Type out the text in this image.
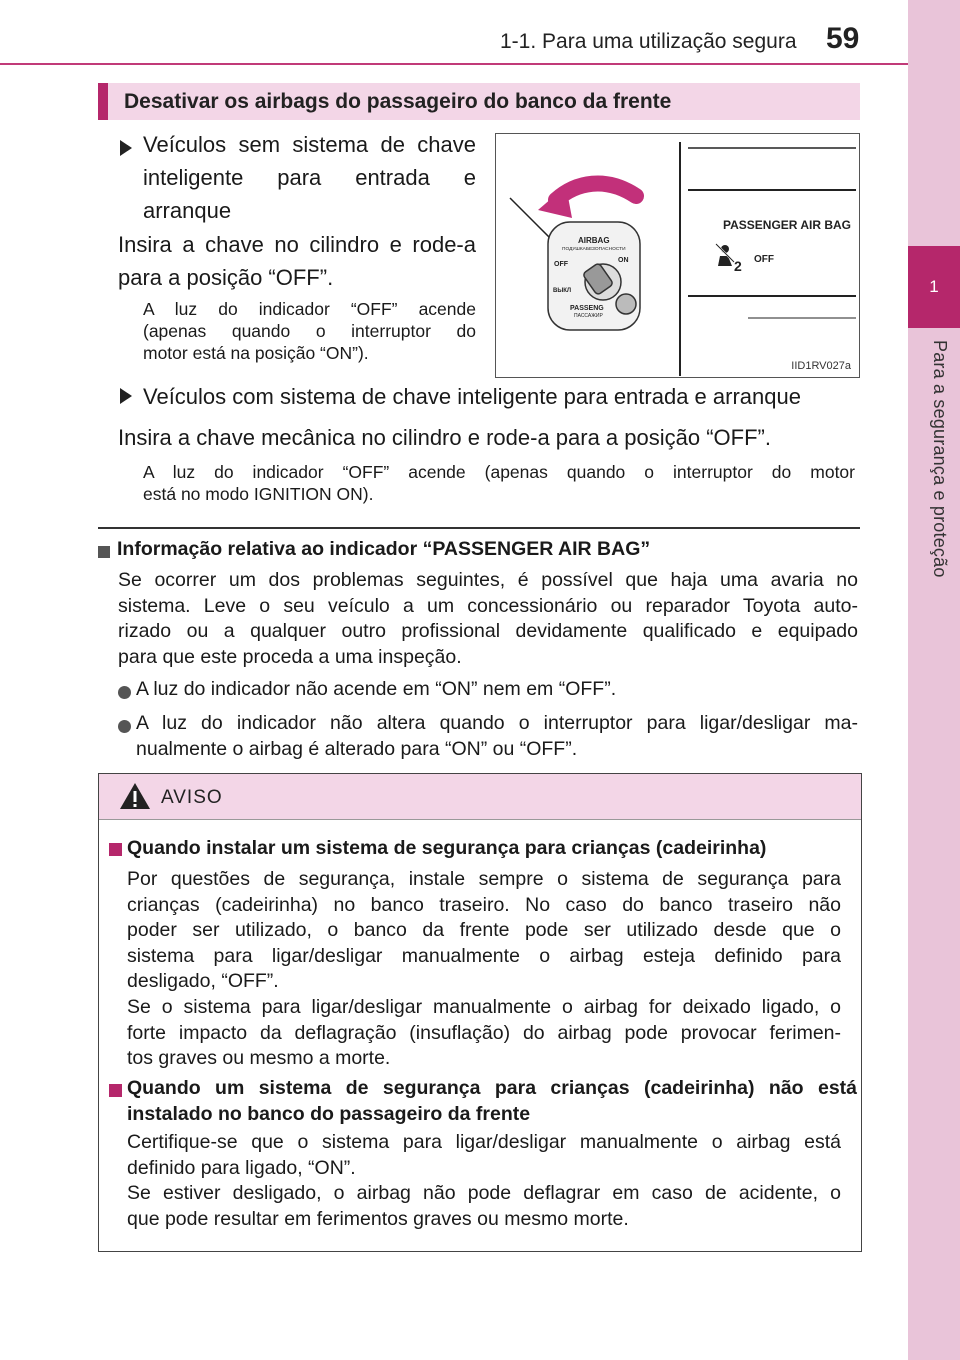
1-1. Para uma utilização segura 59
1
Para a segurança e proteção
Desativar os airbags do passageiro do banco da frente
Veículos sem sistema de chave
inteligente para entrada e
arranque
Insira a chave no cilindro e rode-a
para a posição “OFF”.
A luz do indicador “OFF” acende
(apenas quando o interruptor do
motor está na posição “ON”).
PASSENGER AIR BAG
2 OFF
AIRBAG
ПОДУШКАБЕЗОПАСНОСТИ
OFF
ON
ВЫКЛ
PASSENG
ПАССАЖИР
IID1RV027a
Veículos com sistema de chave inteligente para entrada e arranque
Insira a chave mecânica no cilindro e rode-a para a posição “OFF”.
A luz do indicador “OFF” acende (apenas quando o interruptor do motor
está no modo IGNITION ON).
Informação relativa ao indicador “PASSENGER AIR BAG”
Se ocorrer um dos problemas seguintes, é possível que haja uma avaria no
sistema. Leve o seu veículo a um concessionário ou reparador Toyota auto-
rizado ou a qualquer outro profissional devidamente qualificado e equipado
para que este proceda a uma inspeção.
A luz do indicador não acende em “ON” nem em “OFF”.
A luz do indicador não altera quando o interruptor para ligar/desligar ma-
nualmente o airbag é alterado para “ON” ou “OFF”.
AVISO
Quando instalar um sistema de segurança para crianças (cadeirinha)
Por questões de segurança, instale sempre o sistema de segurança para
crianças (cadeirinha) no banco traseiro. No caso do banco traseiro não
poder ser utilizado, o banco da frente pode ser utilizado desde que o
sistema para ligar/desligar manualmente o airbag esteja definido para
desligado, “OFF”.
Se o sistema para ligar/desligar manualmente o airbag for deixado ligado, o
forte impacto da deflagração (insuflação) do airbag pode provocar ferimen-
tos graves ou mesmo a morte.
Quando um sistema de segurança para crianças (cadeirinha) não está
instalado no banco do passageiro da frente
Certifique-se que o sistema para ligar/desligar manualmente o airbag está
definido para ligado, “ON”.
Se estiver desligado, o airbag não pode deflagrar em caso de acidente, o
que pode resultar em ferimentos graves ou mesmo morte.
